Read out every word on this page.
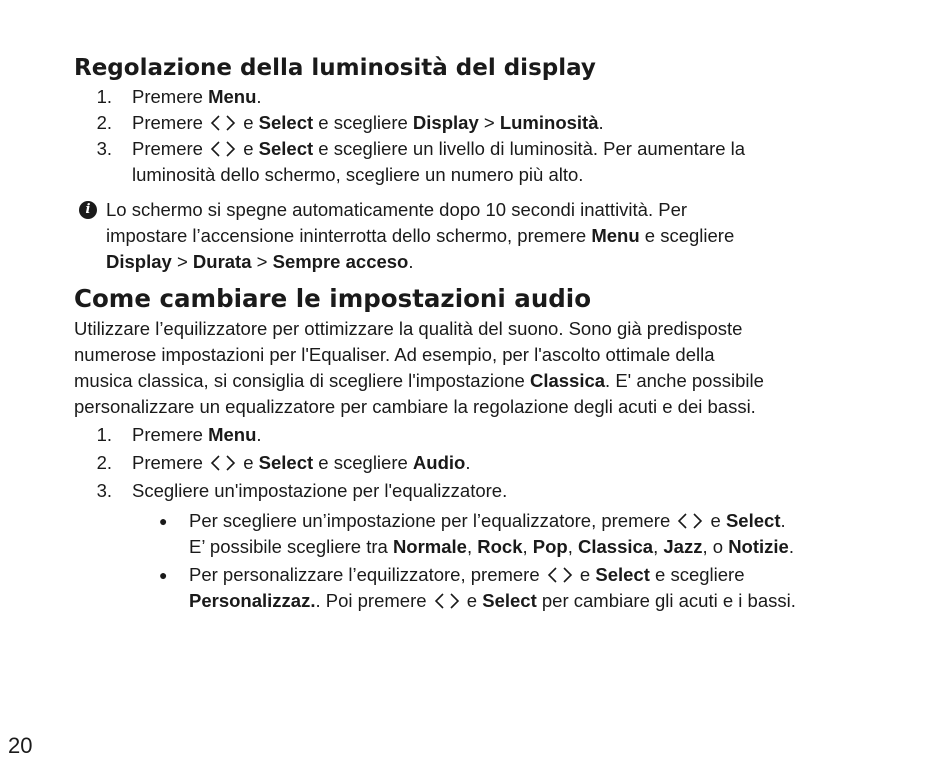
Regolazione della luminosità del display
1. Premere Menu.
2. Premere
e Select e scegliere Display > Luminosità.
3. Premere
e Select e scegliere un livello di luminosità. Per aumentare la
luminosità dello schermo, scegliere un numero più alto.
i Lo schermo si spegne automaticamente dopo 10 secondi inattività. Per
impostare l’accensione ininterrotta dello schermo, premere Menu e scegliere
Display > Durata > Sempre acceso.
Come cambiare le impostazioni audio
Utilizzare l’equilizzatore per ottimizzare la qualità del suono. Sono già predisposte
numerose impostazioni per l'Equaliser. Ad esempio, per l'ascolto ottimale della
musica classica, si consiglia di scegliere l'impostazione Classica. E' anche possibile
personalizzare un equalizzatore per cambiare la regolazione degli acuti e dei bassi.
1. Premere Menu.
2. Premere
e Select e scegliere Audio.
3. Scegliere un'impostazione per l'equalizzatore.
● Per scegliere un’impostazione per l’equalizzatore, premere
e Select.
E’ possibile scegliere tra Normale, Rock, Pop, Classica, Jazz, o Notizie.
● Per personalizzare l’equilizzatore, premere
e Select e scegliere
Personalizzaz.. Poi premere
e Select per cambiare gli acuti e i bassi.
20
